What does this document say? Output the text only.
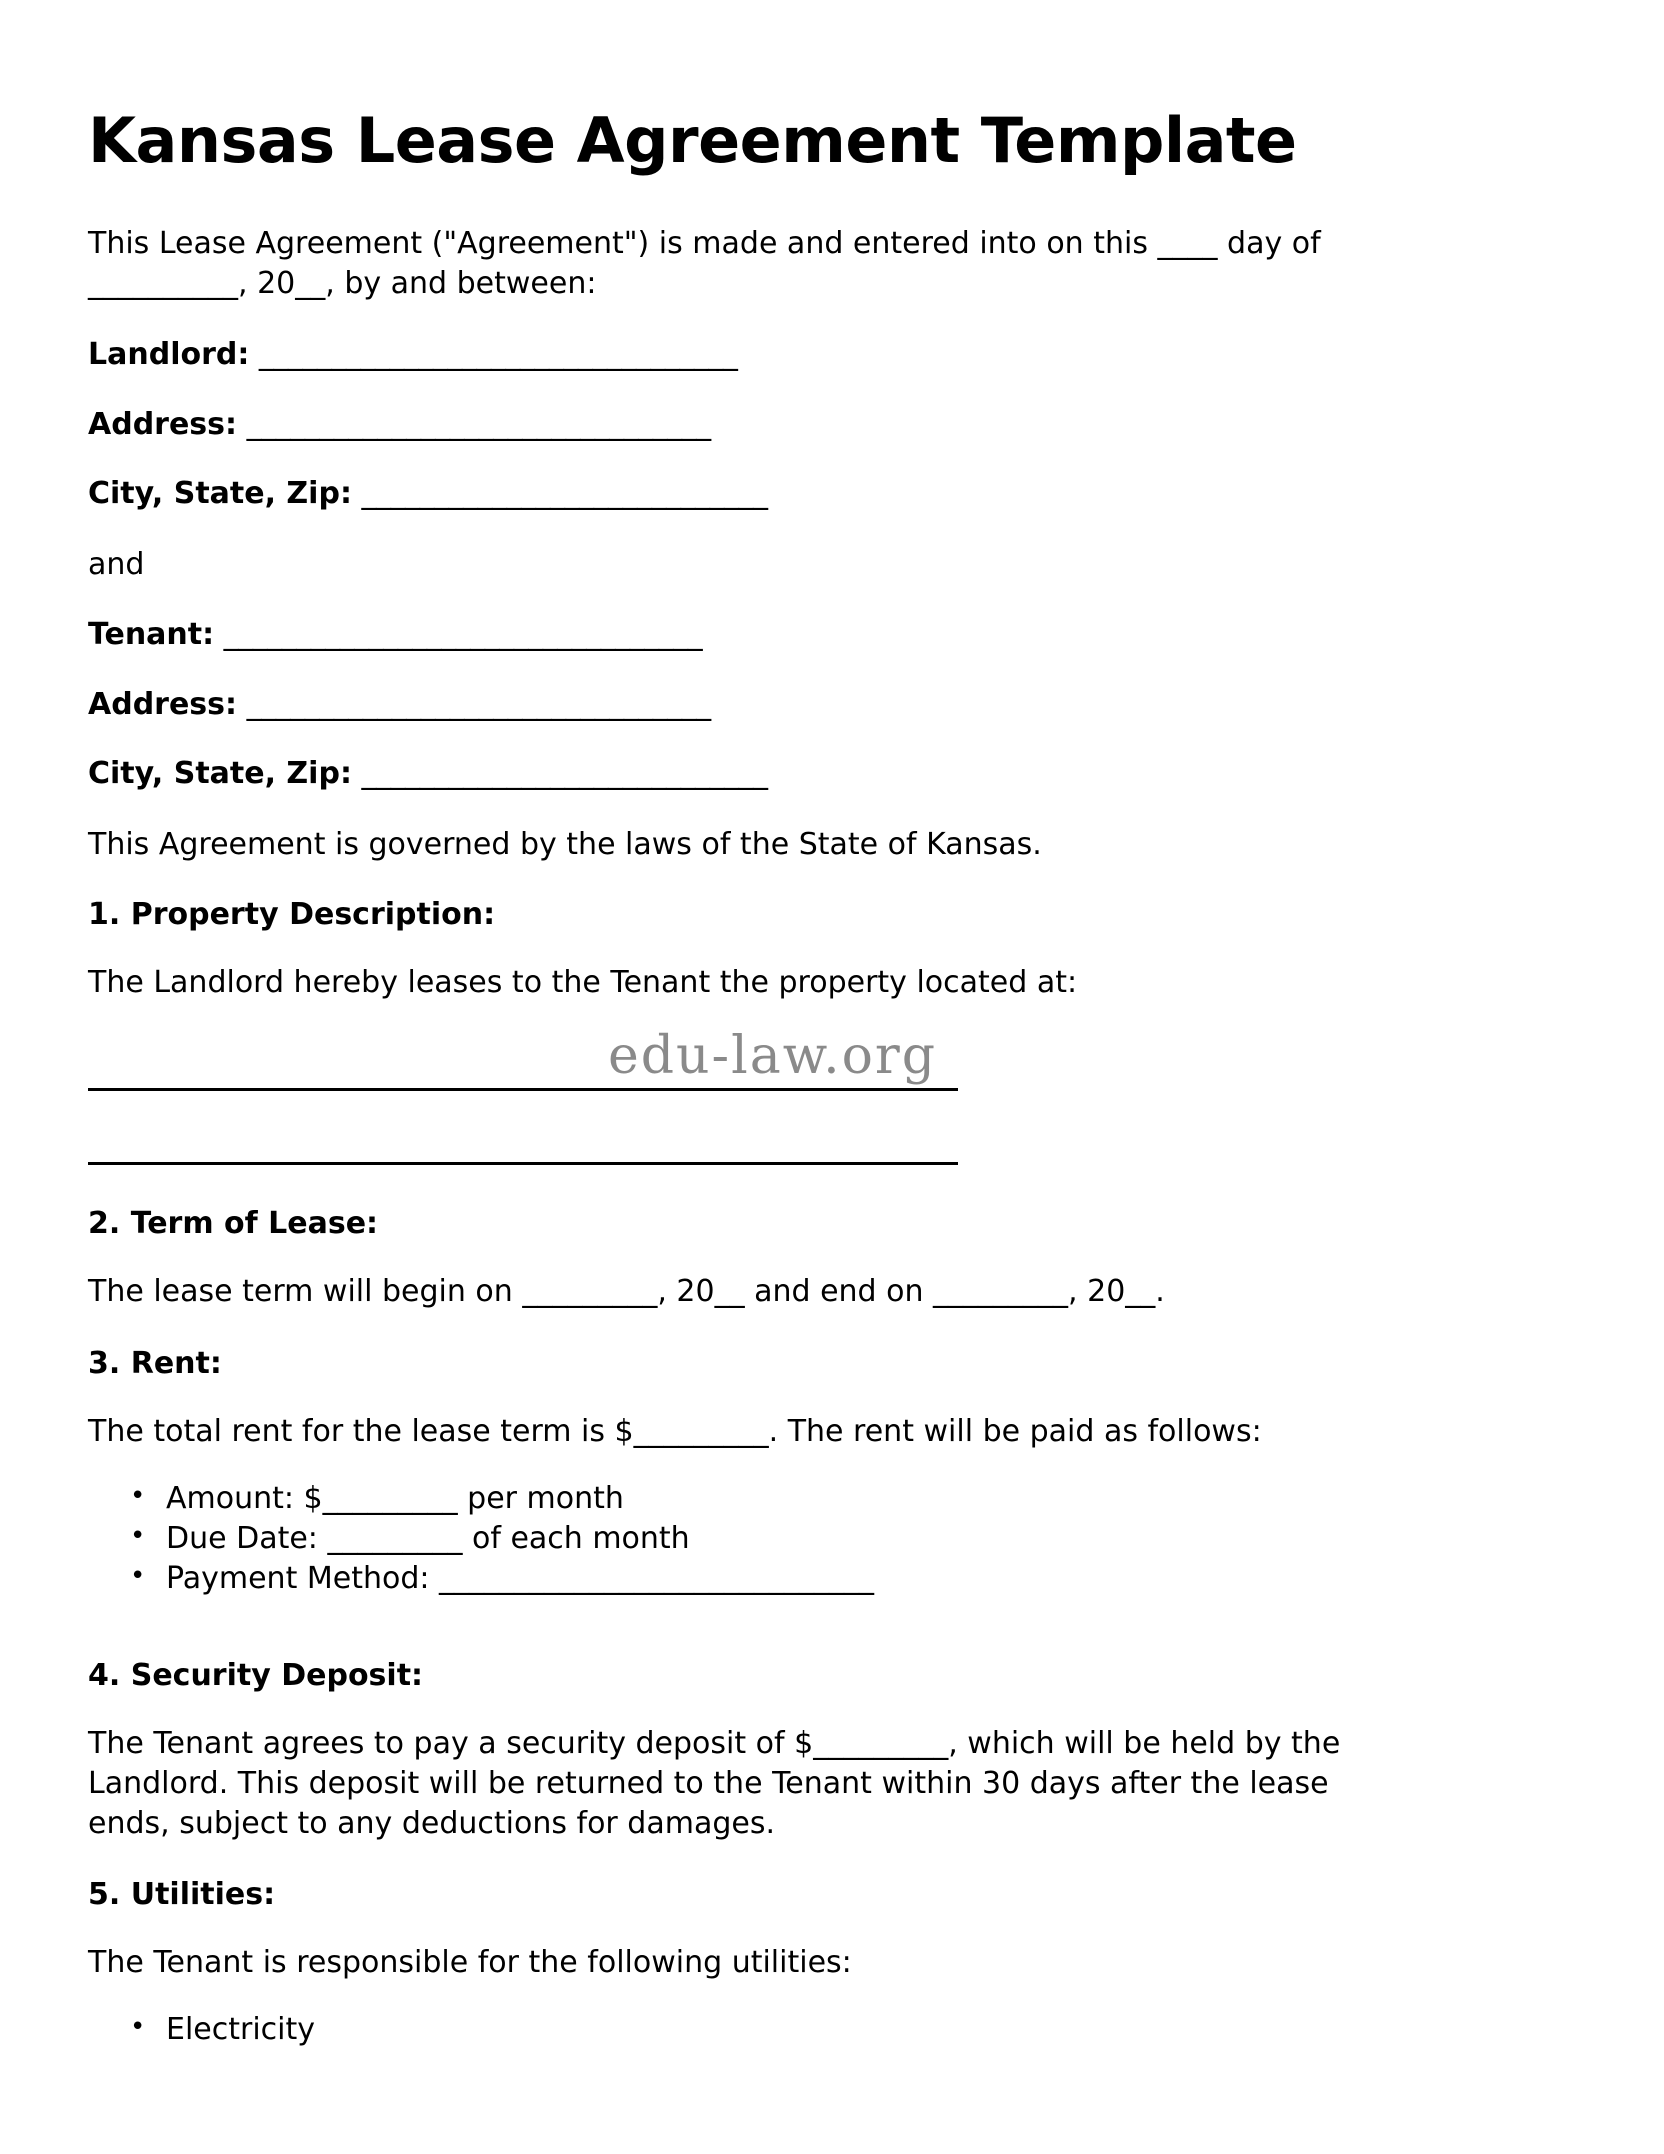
Kansas Lease Agreement Template

This Lease Agreement ("Agreement") is made and entered into on this ____ day of __________, 20__, by and between:

Landlord: _________________________________

Address: ________________________________

City, State, Zip: ____________________________

and

Tenant: _________________________________

Address: ________________________________

City, State, Zip: ____________________________

This Agreement is governed by the laws of the State of Kansas.

1. Property Description:

The Landlord hereby leases to the Tenant the property located at:

2. Term of Lease:

The lease term will begin on _________, 20__ and end on _________, 20__.

3. Rent:

The total rent for the lease term is $_________. The rent will be paid as follows:

• Amount: $_________ per month
• Due Date: _________ of each month
• Payment Method: _____________________________
4. Security Deposit:

The Tenant agrees to pay a security deposit of $_________, which will be held by the Landlord. This deposit will be returned to the Tenant within 30 days after the lease ends, subject to any deductions for damages.

5. Utilities:

The Tenant is responsible for the following utilities:

• Electricity
edu-law.org
